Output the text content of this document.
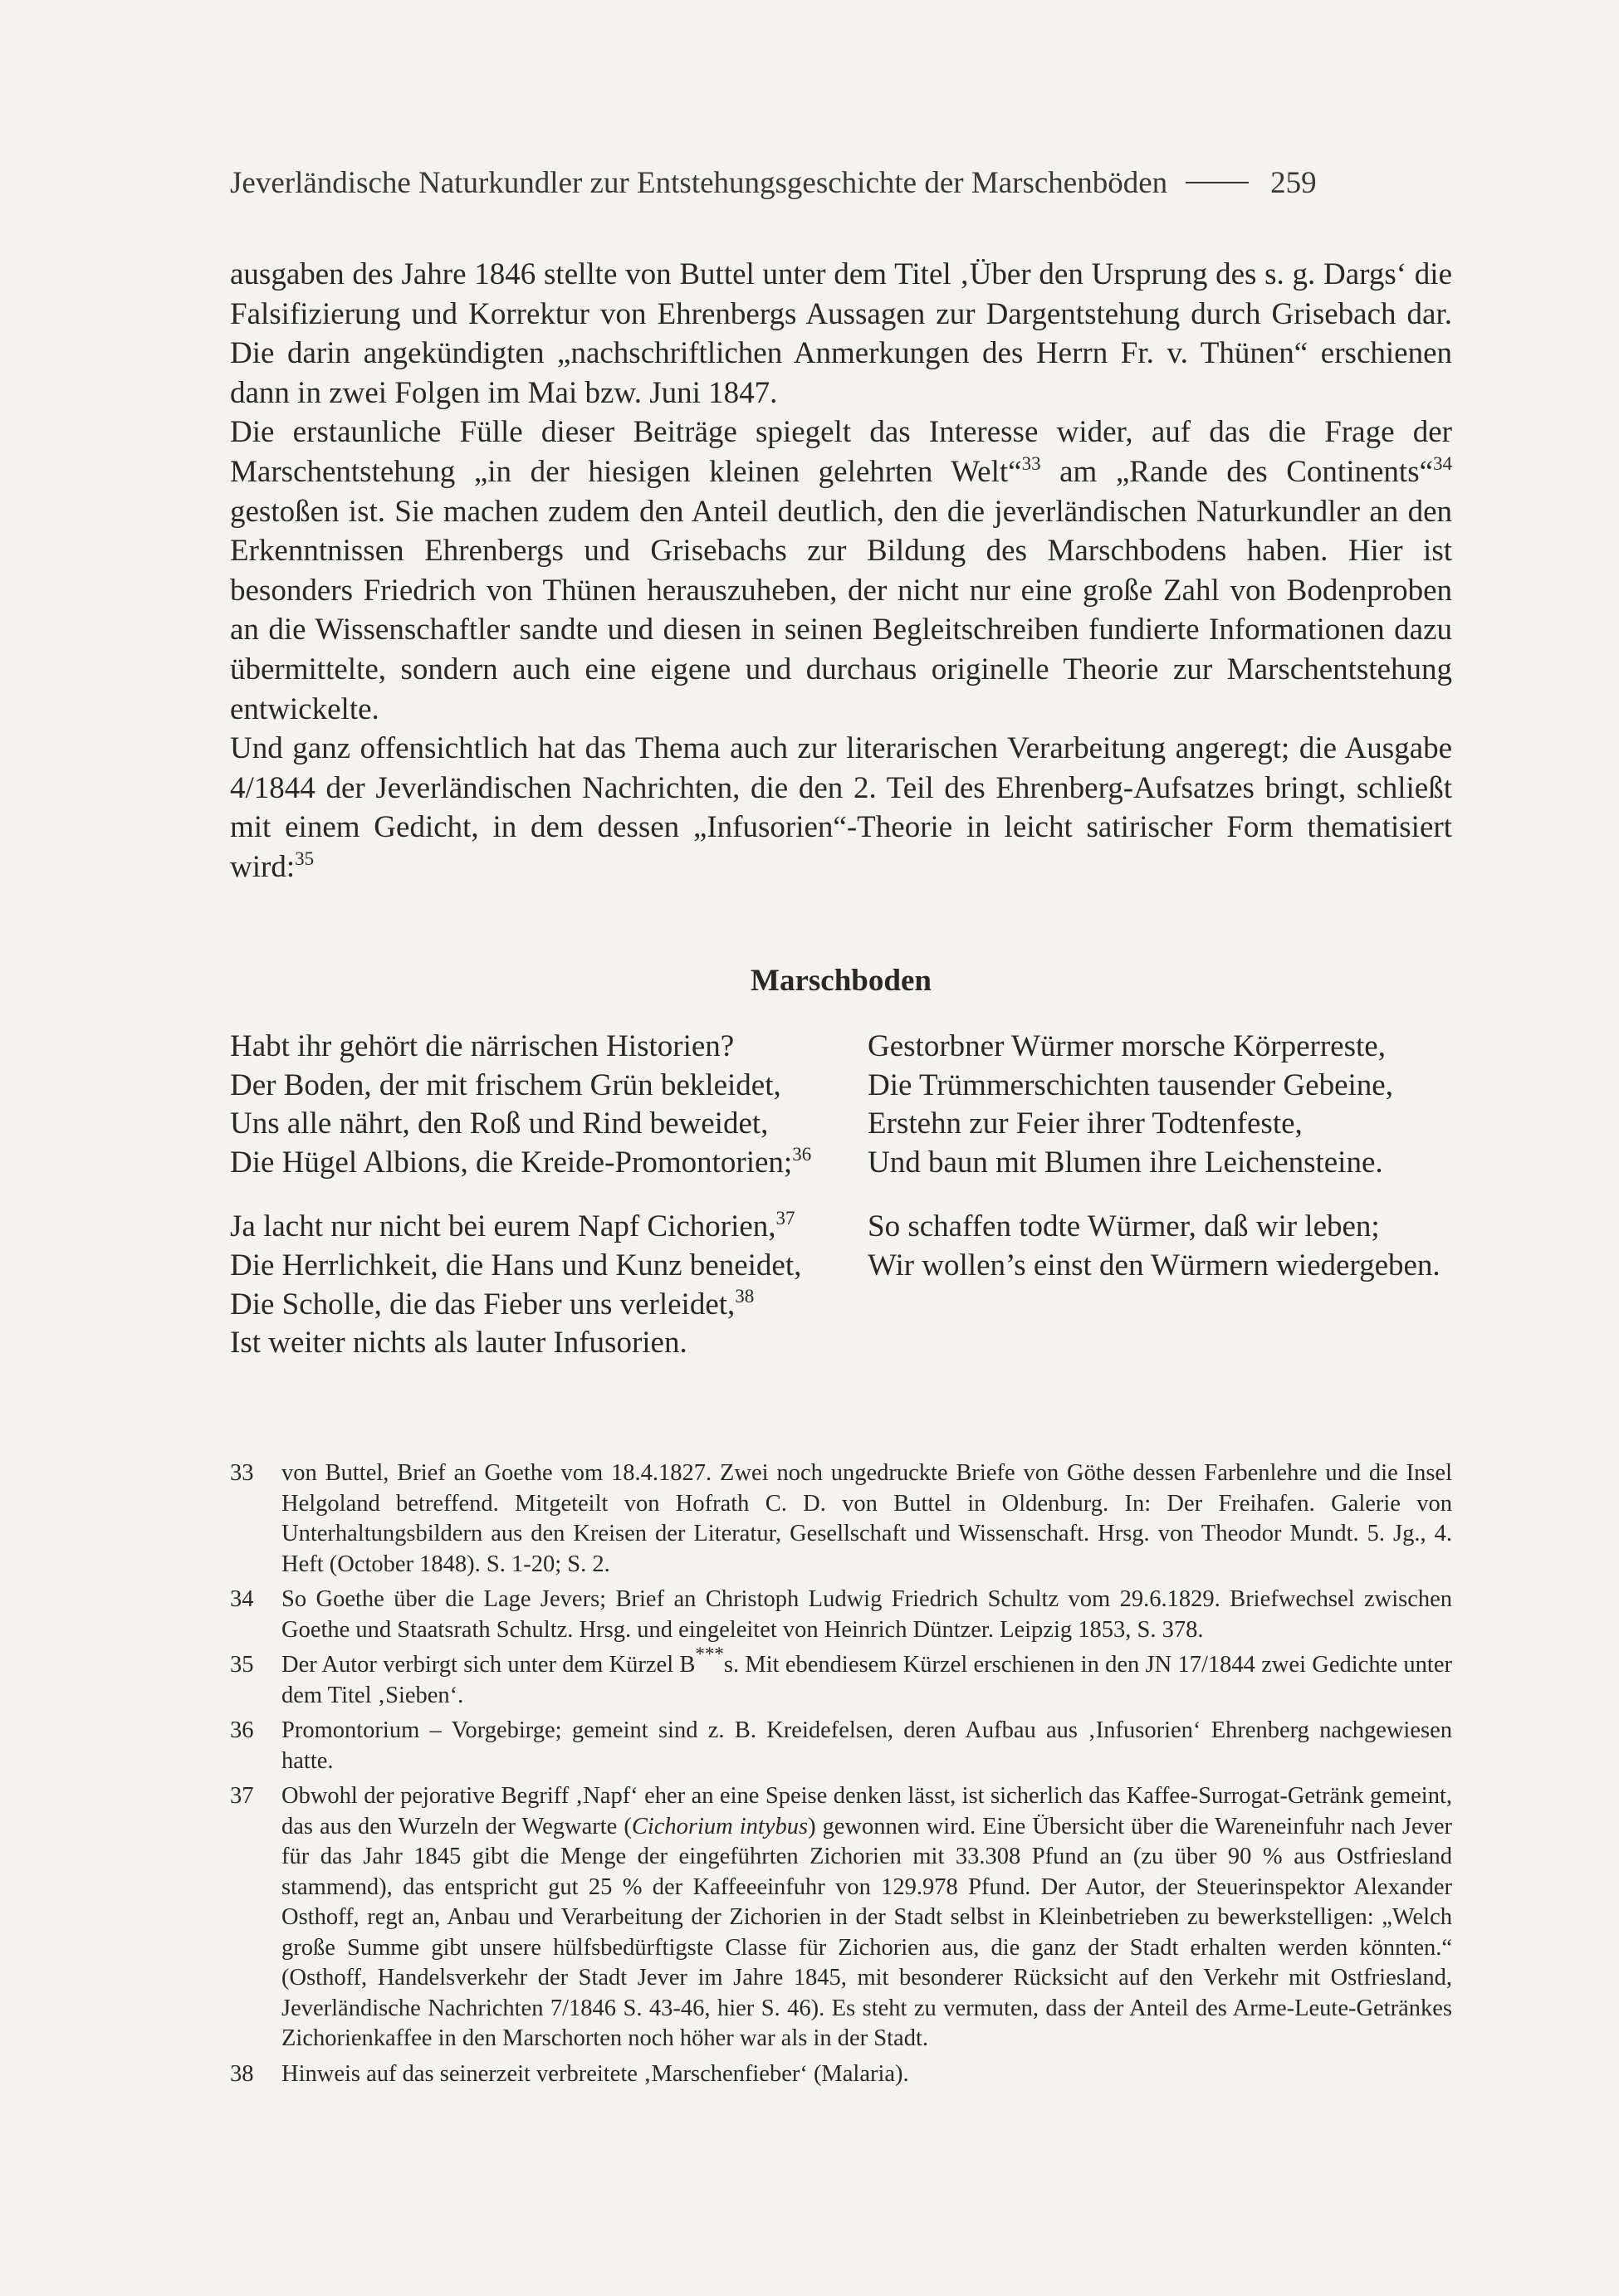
Jeverländische Naturkundler zur Entstehungsgeschichte der Marschenböden	259

ausgaben des Jahre 1846 stellte von Buttel unter dem Titel ‚Über den Ursprung des s. g. Dargs‘ die Falsifizierung und Korrektur von Ehrenbergs Aussagen zur Dargentstehung durch Grisebach dar. Die darin angekündigten „nachschriftlichen Anmerkungen des Herrn Fr. v. Thünen“ erschienen dann in zwei Folgen im Mai bzw. Juni 1847.

Die erstaunliche Fülle dieser Beiträge spiegelt das Interesse wider, auf das die Frage der Marschentstehung „in der hiesigen kleinen gelehrten Welt“$^{33}$ am „Rande des Continents“$^{34}$ gestoßen ist. Sie machen zudem den Anteil deutlich, den die jeverländischen Naturkundler an den Erkenntnissen Ehrenbergs und Grisebachs zur Bildung des Marschbodens haben. Hier ist besonders Friedrich von Thünen herauszuheben, der nicht nur eine große Zahl von Bodenproben an die Wissenschaftler sandte und diesen in seinen Begleitschreiben fundierte Informationen dazu übermittelte, sondern auch eine eigene und durchaus originelle Theorie zur Marschentstehung entwickelte.

Und ganz offensichtlich hat das Thema auch zur literarischen Verarbeitung angeregt; die Ausgabe 4/1844 der Jeverländischen Nachrichten, die den 2. Teil des Ehrenberg-Aufsatzes bringt, schließt mit einem Gedicht, in dem dessen „Infusorien“-Theorie in leicht satirischer Form thematisiert wird:$^{35}$

Marschboden
Habt ihr gehört die närrischen Historien?
Der Boden, der mit frischem Grün bekleidet,
Uns alle nährt, den Roß und Rind beweidet,
Die Hügel Albions, die Kreide-Promontorien;$^{36}$
Ja lacht nur nicht bei eurem Napf Cichorien,$^{37}$
Die Herrlichkeit, die Hans und Kunz beneidet,
Die Scholle, die das Fieber uns verleidet,$^{38}$
Ist weiter nichts als lauter Infusorien.
Gestorbner Würmer morsche Körperreste,
Die Trümmerschichten tausender Gebeine,
Erstehn zur Feier ihrer Todtenfeste,
Und baun mit Blumen ihre Leichensteine.
So schaffen todte Würmer, daß wir leben;
Wir wollen’s einst den Würmern wiedergeben.
33	von Buttel, Brief an Goethe vom 18.4.1827. Zwei noch ungedruckte Briefe von Göthe dessen Farbenlehre und die Insel Helgoland betreffend. Mitgeteilt von Hofrath C. D. von Buttel in Oldenburg. In: Der Freihafen. Galerie von Unterhaltungsbildern aus den Kreisen der Literatur, Gesellschaft und Wissenschaft. Hrsg. von Theodor Mundt. 5. Jg., 4. Heft (October 1848). S. 1-20; S. 2.
34	So Goethe über die Lage Jevers; Brief an Christoph Ludwig Friedrich Schultz vom 29.6.1829. Briefwechsel zwischen Goethe und Staatsrath Schultz. Hrsg. und eingeleitet von Heinrich Düntzer. Leipzig 1853, S. 378.
35	Der Autor verbirgt sich unter dem Kürzel B***s. Mit ebendiesem Kürzel erschienen in den JN 17/1844 zwei Gedichte unter dem Titel ‚Sieben‘.
36	Promontorium – Vorgebirge; gemeint sind z. B. Kreidefelsen, deren Aufbau aus ‚Infusorien‘ Ehrenberg nachgewiesen hatte.
37	Obwohl der pejorative Begriff ‚Napf‘ eher an eine Speise denken lässt, ist sicherlich das Kaffee-Surrogat-Getränk gemeint, das aus den Wurzeln der Wegwarte (Cichorium intybus) gewonnen wird. Eine Übersicht über die Wareneinfuhr nach Jever für das Jahr 1845 gibt die Menge der eingeführten Zichorien mit 33.308 Pfund an (zu über 90 % aus Ostfriesland stammend), das entspricht gut 25 % der Kaffeeeinfuhr von 129.978 Pfund. Der Autor, der Steuerinspektor Alexander Osthoff, regt an, Anbau und Verarbeitung der Zichorien in der Stadt selbst in Kleinbetrieben zu bewerkstelligen: „Welch große Summe gibt unsere hülfsbedürftigste Classe für Zichorien aus, die ganz der Stadt erhalten werden könnten.“ (Osthoff, Handelsverkehr der Stadt Jever im Jahre 1845, mit besonderer Rücksicht auf den Verkehr mit Ostfriesland, Jeverländische Nachrichten 7/1846 S. 43-46, hier S. 46). Es steht zu vermuten, dass der Anteil des Arme-Leute-Getränkes Zichorienkaffee in den Marschorten noch höher war als in der Stadt.
38	Hinweis auf das seinerzeit verbreitete ‚Marschenfieber‘ (Malaria).
